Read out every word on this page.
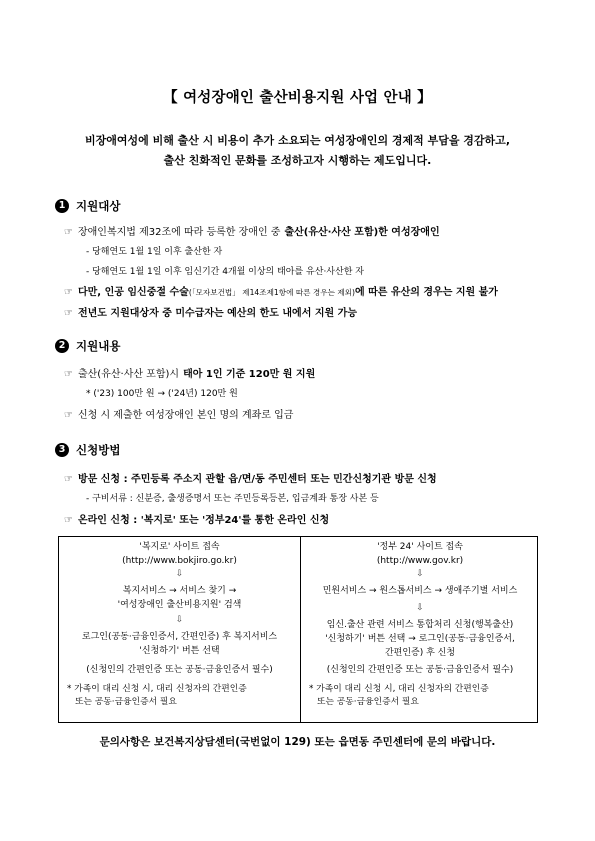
【 여성장애인 출산비용지원 사업 안내 】
비장애여성에 비해 출산 시 비용이 추가 소요되는 여성장애인의 경제적 부담을 경감하고,
출산 친화적인 문화를 조성하고자 시행하는 제도입니다.
1 지원대상
☞ 장애인복지법 제32조에 따라 등록한 장애인 중 출산(유산·사산 포함)한 여성장애인
- 당해연도 1월 1일 이후 출산한 자
- 당해연도 1월 1일 이후 임신기간 4개월 이상의 태아를 유산·사산한 자
☞ 다만, 인공 임신중절 수술 (「모자보건법」 제14조제1항에 따른 경우는 제외) 에 따른 유산의 경우는 지원 불가
☞ 전년도 지원대상자 중 미수급자는 예산의 한도 내에서 지원 가능
2 지원내용
☞ 출산(유산·사산 포함)시 태아 1인 기준 120만 원 지원
* ('23) 100만 원 → ('24년) 120만 원
☞ 신청 시 제출한 여성장애인 본인 명의 계좌로 입금
3 신청방법
☞ 방문 신청 : 주민등록 주소지 관할 읍/면/동 주민센터 또는 민간신청기관 방문 신청
- 구비서류 : 신분증, 출생증명서 또는 주민등록등본, 입금계좌 통장 사본 등
☞ 온라인 신청 : '복지로' 또는 '정부24'를 통한 온라인 신청
'복지로' 사이트 접속
(http://www.bokjiro.go.kr)
⇩
복지서비스 → 서비스 찾기 →
'여성장애인 출산비용지원' 검색
⇩
로그인(공동·금융인증서, 간편인증) 후 복지서비스
'신청하기' 버튼 선택
(신청인의 간편인증 또는 공동·금융인증서 필수)
* 가족이 대리 신청 시, 대리 신청자의 간편인증
또는 공동·금융인증서 필요
'정부 24' 사이트 접속
(http://www.gov.kr)
⇩
민원서비스 → 원스톱서비스 → 생애주기별 서비스
⇩
임신.출산 관련 서비스 통합처리 신청(행복출산)
'신청하기' 버튼 선택 → 로그인(공동·금융인증서,
간편인증) 후 신청
(신청인의 간편인증 또는 공동·금융인증서 필수)
* 가족이 대리 신청 시, 대리 신청자의 간편인증
또는 공동·금융인증서 필요
문의사항은 보건복지상담센터(국번없이 129) 또는 읍면동 주민센터에 문의 바랍니다.
